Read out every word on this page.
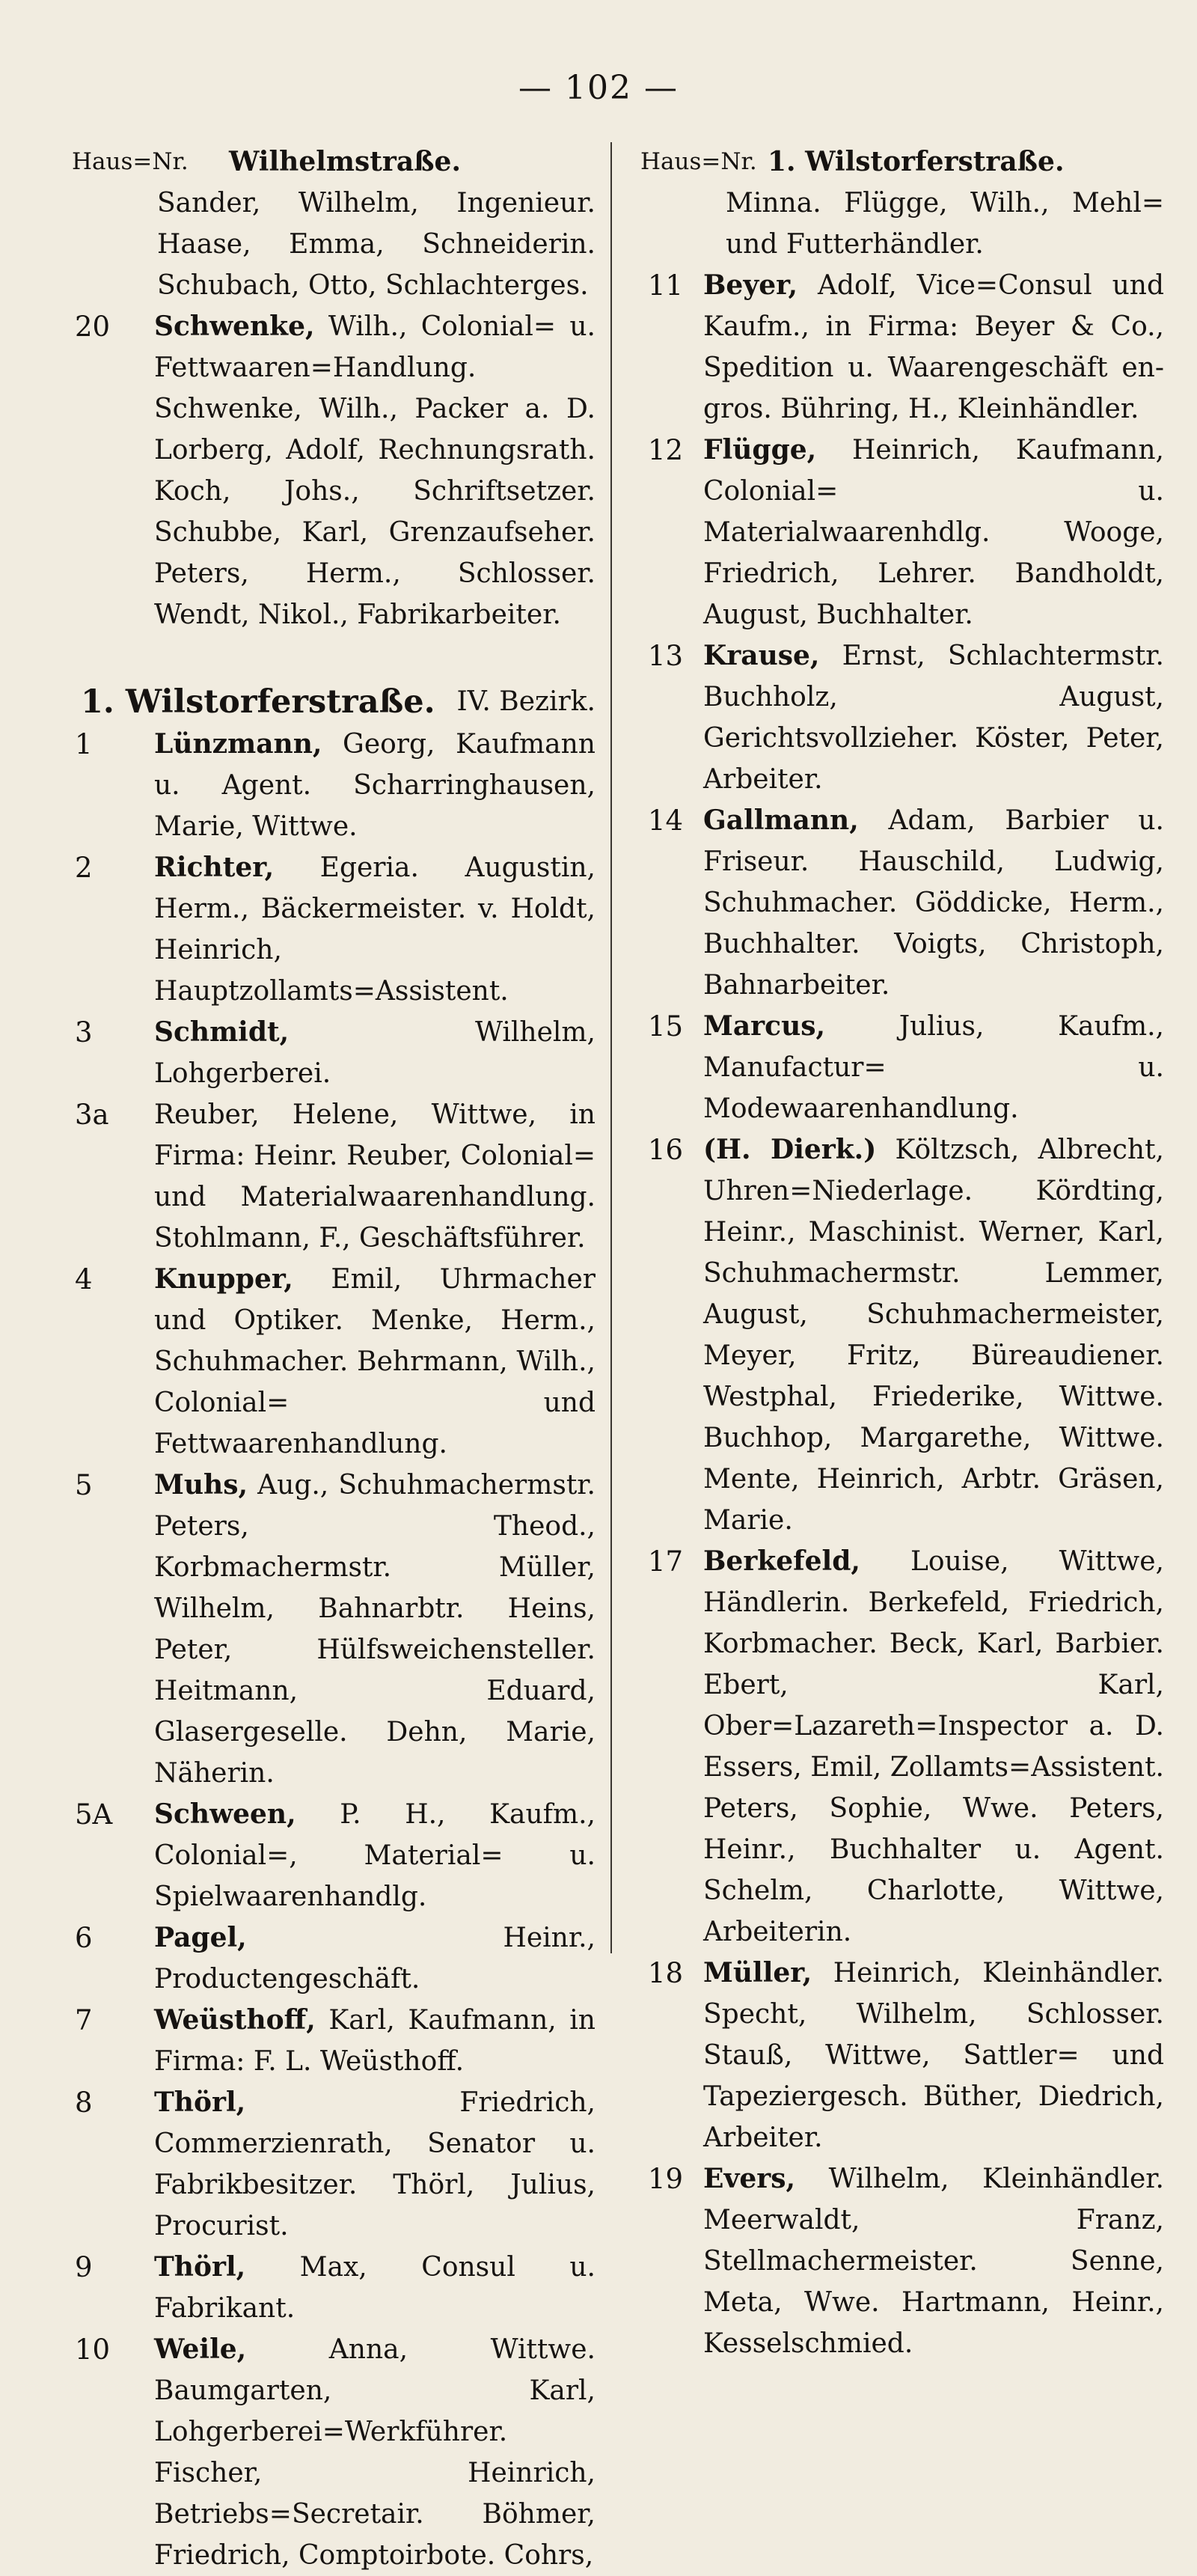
— 102 —
Haus=Nr. Wilhelmstraße.
Sander, Wilhelm, Ingenieur. Haase, Emma, Schneiderin. Schubach, Otto, Schlachterges.
20	Schwenke, Wilh., Colonial= u. Fettwaaren=Handlung. Schwenke, Wilh., Packer a. D. Lorberg, Adolf, Rechnungsrath. Koch, Johs., Schriftsetzer. Schubbe, Karl, Grenzaufseher. Peters, Herm., Schlosser. Wendt, Nikol., Fabrikarbeiter.
1. Wilstorferstraße. IV. Bezirk.
1	Lünzmann, Georg, Kaufmann u. Agent. Scharringhausen, Marie, Wittwe.
2	Richter, Egeria. Augustin, Herm., Bäckermeister. v. Holdt, Heinrich, Hauptzollamts=Assistent.
3	Schmidt, Wilhelm, Lohgerberei.
3a	Reuber, Helene, Wittwe, in Firma: Heinr. Reuber, Colonial= und Materialwaarenhandlung. Stohlmann, F., Geschäftsführer.
4	Knupper, Emil, Uhrmacher und Optiker. Menke, Herm., Schuhmacher. Behrmann, Wilh., Colonial= und Fettwaarenhandlung.
5	Muhs, Aug., Schuhmachermstr. Peters, Theod., Korbmachermstr. Müller, Wilhelm, Bahnarbtr. Heins, Peter, Hülfsweichensteller. Heitmann, Eduard, Glasergeselle. Dehn, Marie, Näherin.
5A	Schween, P. H., Kaufm., Colonial=, Material= u. Spielwaarenhandlg.
6	Pagel, Heinr., Productengeschäft.
7	Weüsthoff, Karl, Kaufmann, in Firma: F. L. Weüsthoff.
8	Thörl, Friedrich, Commerzienrath, Senator u. Fabrikbesitzer. Thörl, Julius, Procurist.
9	Thörl, Max, Consul u. Fabrikant.
10	Weile, Anna, Wittwe. Baumgarten, Karl, Lohgerberei=Werkführer. Fischer, Heinrich, Betriebs=Secretair. Böhmer, Friedrich, Comptoirbote. Cohrs,
Haus=Nr. 1. Wilstorferstraße.
Minna. Flügge, Wilh., Mehl= und Futterhändler.
11 Beyer, Adolf, Vice=Consul und Kaufm., in Firma: Beyer & Co., Spedition u. Waarengeschäft en-gros. Bühring, H., Kleinhändler.
12 Flügge, Heinrich, Kaufmann, Colonial= u. Materialwaarenhdlg. Wooge, Friedrich, Lehrer. Bandholdt, August, Buchhalter.
13 Krause, Ernst, Schlachtermstr. Buchholz, August, Gerichtsvollzieher. Köster, Peter, Arbeiter.
14 Gallmann, Adam, Barbier u. Friseur. Hauschild, Ludwig, Schuhmacher. Göddicke, Herm., Buchhalter. Voigts, Christoph, Bahnarbeiter.
15 Marcus, Julius, Kaufm., Manufactur= u. Modewaarenhandlung.
16 (H. Dierk.) Költzsch, Albrecht, Uhren=Niederlage. Kördting, Heinr., Maschinist. Werner, Karl, Schuhmachermstr. Lemmer, August, Schuhmachermeister, Meyer, Fritz, Büreaudiener. Westphal, Friederike, Wittwe. Buchhop, Margarethe, Wittwe. Mente, Heinrich, Arbtr. Gräsen, Marie.
17 Berkefeld, Louise, Wittwe, Händlerin. Berkefeld, Friedrich, Korbmacher. Beck, Karl, Barbier. Ebert, Karl, Ober=Lazareth=Inspector a. D. Essers, Emil, Zollamts=Assistent. Peters, Sophie, Wwe. Peters, Heinr., Buchhalter u. Agent. Schelm, Charlotte, Wittwe, Arbeiterin.
18 Müller, Heinrich, Kleinhändler. Specht, Wilhelm, Schlosser. Stauß, Wittwe, Sattler= und Tapeziergesch. Büther, Diedrich, Arbeiter.
19 Evers, Wilhelm, Kleinhändler. Meerwaldt, Franz, Stellmachermeister. Senne, Meta, Wwe. Hartmann, Heinr., Kesselschmied.
